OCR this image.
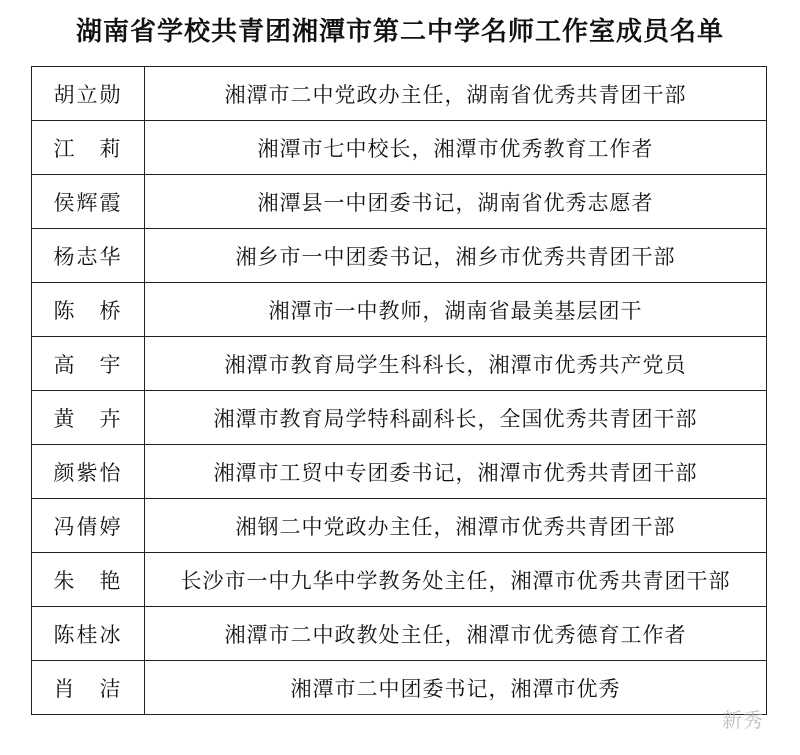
湖南省学校共青团湘潭市第二中学名师工作室成员名单
胡立勋	湘潭市二中党政办主任，湖南省优秀共青团干部
江　莉	湘潭市七中校长，湘潭市优秀教育工作者
侯辉霞	湘潭县一中团委书记，湖南省优秀志愿者
杨志华	湘乡市一中团委书记，湘乡市优秀共青团干部
陈　桥	湘潭市一中教师，湖南省最美基层团干
高　宇	湘潭市教育局学生科科长，湘潭市优秀共产党员
黄　卉	湘潭市教育局学特科副科长，全国优秀共青团干部
颜紫怡	湘潭市工贸中专团委书记，湘潭市优秀共青团干部
冯倩婷	湘钢二中党政办主任，湘潭市优秀共青团干部
朱　艳	长沙市一中九华中学教务处主任，湘潭市优秀共青团干部
陈桂冰	湘潭市二中政教处主任，湘潭市优秀德育工作者
肖　洁	湘潭市二中团委书记，湘潭市优秀
新秀
